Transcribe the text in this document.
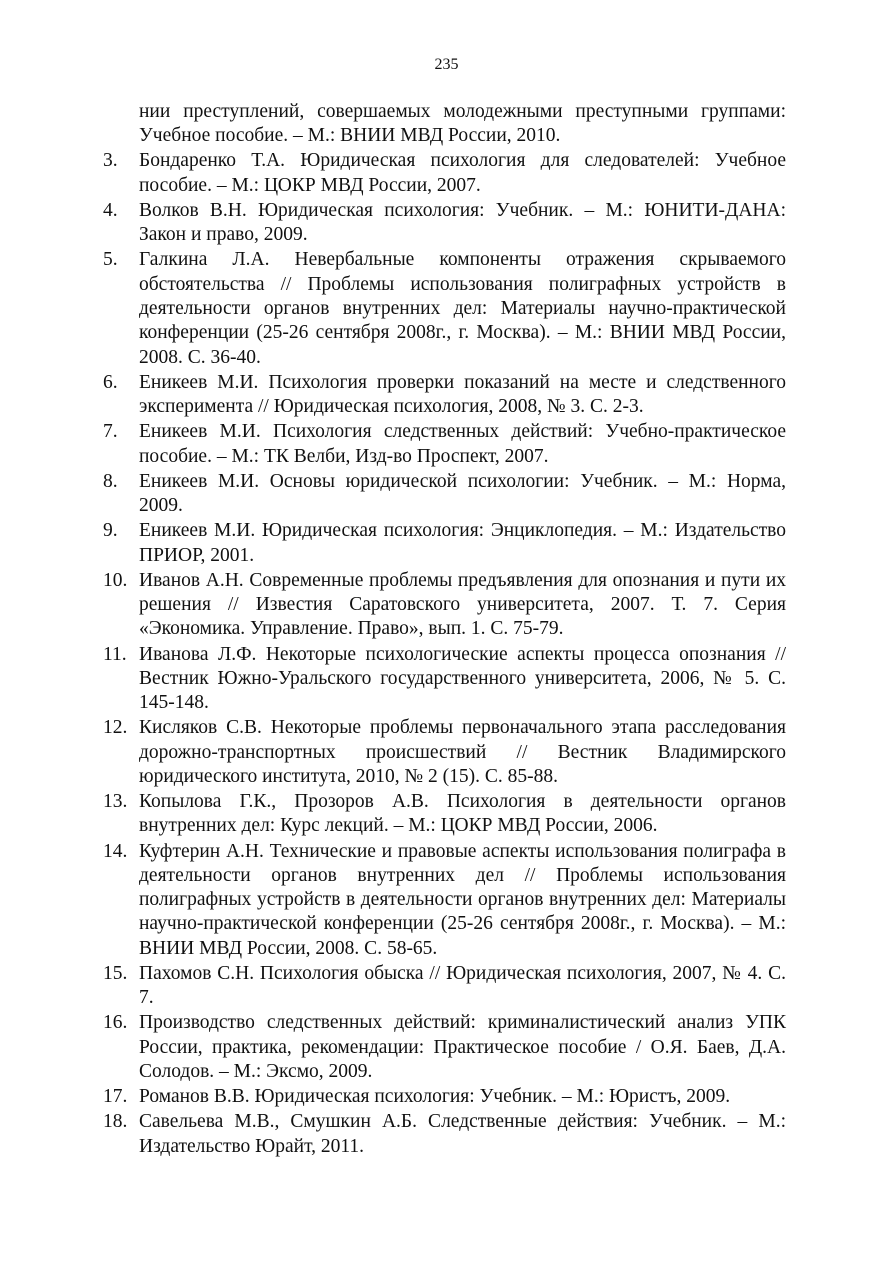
235
нии преступлений, совершаемых молодежными преступными группами: Учебное пособие. – М.: ВНИИ МВД России, 2010.
3.	Бондаренко Т.А. Юридическая психология для следователей: Учебное пособие. – М.: ЦОКР МВД России, 2007.
4.	Волков В.Н. Юридическая психология: Учебник. – М.: ЮНИТИ-ДАНА: Закон и право, 2009.
5.	Галкина Л.А. Невербальные компоненты отражения скрываемого обстоятельства // Проблемы использования полиграфных устройств в деятельности органов внутренних дел: Материалы научно-практической конференции (25-26 сентября 2008г., г. Москва). – М.: ВНИИ МВД России, 2008. С. 36-40.
6.	Еникеев М.И. Психология проверки показаний на месте и следственного эксперимента // Юридическая психология, 2008, № 3. С. 2-3.
7.	Еникеев М.И. Психология следственных действий: Учебно-практическое пособие. – М.: ТК Велби, Изд-во Проспект, 2007.
8.	Еникеев М.И. Основы юридической психологии: Учебник. – М.: Норма, 2009.
9.	Еникеев М.И. Юридическая психология: Энциклопедия. – М.: Издательство ПРИОР, 2001.
10. Иванов А.Н. Современные проблемы предъявления для опознания и пути их решения // Известия Саратовского университета, 2007. Т. 7. Серия «Экономика. Управление. Право», вып. 1. С. 75-79.
11. Иванова Л.Ф. Некоторые психологические аспекты процесса опознания // Вестник Южно-Уральского государственного университета, 2006, № 5. С. 145-148.
12. Кисляков С.В. Некоторые проблемы первоначального этапа расследования дорожно-транспортных происшествий // Вестник Владимирского юридического института, 2010, № 2 (15). С. 85-88.
13. Копылова Г.К., Прозоров А.В. Психология в деятельности органов внутренних дел: Курс лекций. – М.: ЦОКР МВД России, 2006.
14. Куфтерин А.Н. Технические и правовые аспекты использования полиграфа в деятельности органов внутренних дел // Проблемы использования полиграфных устройств в деятельности органов внутренних дел: Материалы научно-практической конференции (25-26 сентября 2008г., г. Москва). – М.: ВНИИ МВД России, 2008. С. 58-65.
15. Пахомов С.Н. Психология обыска // Юридическая психология, 2007, № 4. С. 7.
16. Производство следственных действий: криминалистический анализ УПК России, практика, рекомендации: Практическое пособие / О.Я. Баев, Д.А. Солодов. – М.: Эксмо, 2009.
17. Романов В.В. Юридическая психология: Учебник. – М.: Юристъ, 2009.
18. Савельева М.В., Смушкин А.Б. Следственные действия: Учебник. – М.: Издательство Юрайт, 2011.
